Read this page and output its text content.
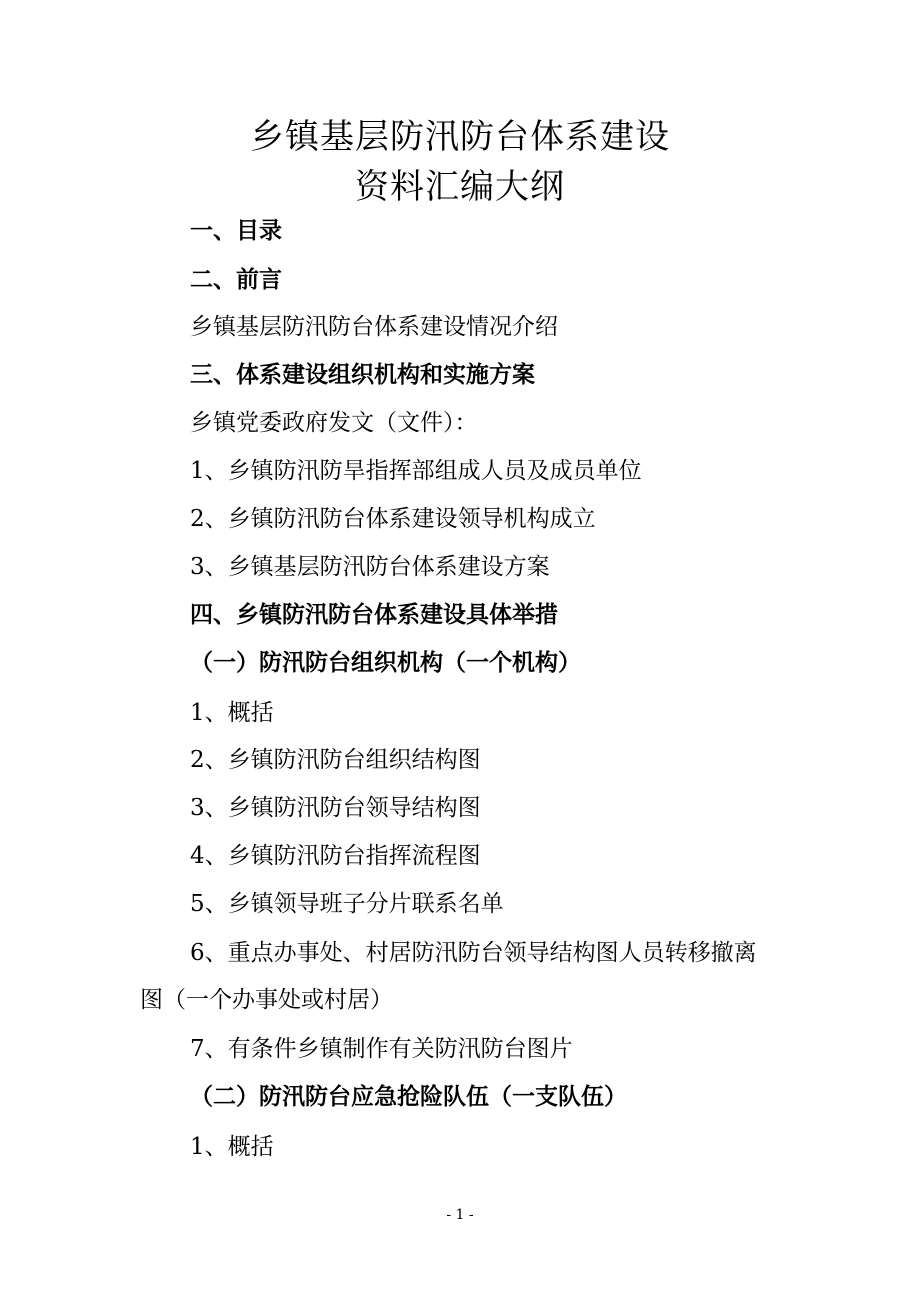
乡镇基层防汛防台体系建设
资料汇编大纲

一、目录

二、前言

乡镇基层防汛防台体系建设情况介绍

三、体系建设组织机构和实施方案

乡镇党委政府发文（文件）：

1、乡镇防汛防旱指挥部组成人员及成员单位

2、乡镇防汛防台体系建设领导机构成立

3、乡镇基层防汛防台体系建设方案

四、乡镇防汛防台体系建设具体举措

（一）防汛防台组织机构（一个机构）

1、概括

2、乡镇防汛防台组织结构图

3、乡镇防汛防台领导结构图

4、乡镇防汛防台指挥流程图

5、乡镇领导班子分片联系名单

6、重点办事处、村居防汛防台领导结构图人员转移撤离

图（一个办事处或村居）

7、有条件乡镇制作有关防汛防台图片

（二）防汛防台应急抢险队伍（一支队伍）

1、概括

- 1 -
